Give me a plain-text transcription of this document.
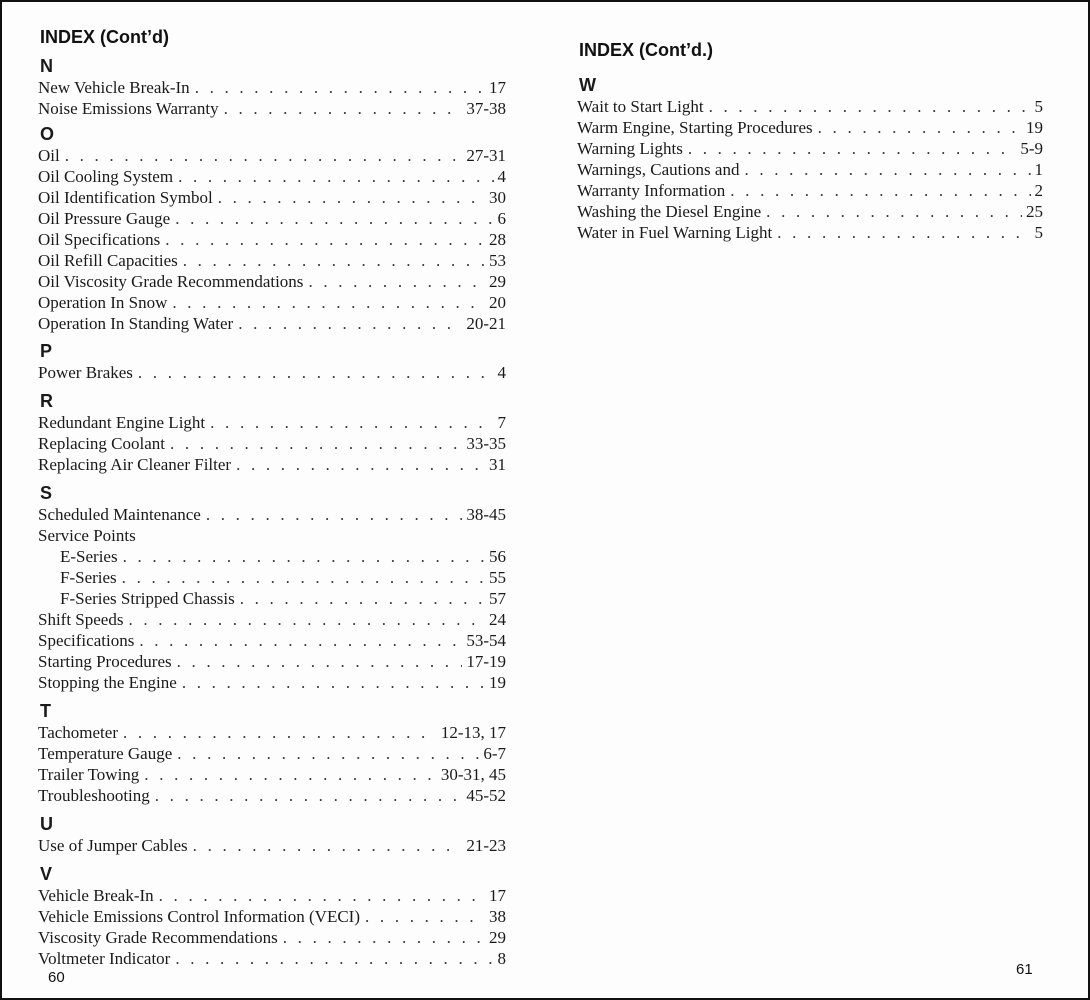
INDEX (Cont’d)
N
New Vehicle Break-In . . .	17
Noise Emissions Warranty . . .	37-38
O
Oil . . .	27-31
Oil Cooling System . . .	4
Oil Identification Symbol . . .	30
Oil Pressure Gauge . . .	6
Oil Specifications . . .	28
Oil Refill Capacities . . .	53
Oil Viscosity Grade Recommendations . . .	29
Operation In Snow . . .	20
Operation In Standing Water . . .	20-21
P
Power Brakes . . .	4
R
Redundant Engine Light . . .	7
Replacing Coolant . . .	33-35
Replacing Air Cleaner Filter . . .	31
S
Scheduled Maintenance . . .	38-45
Service Points
E-Series . . .	56
F-Series . . .	55
F-Series Stripped Chassis . . .	57
Shift Speeds . . .	24
Specifications . . .	53-54
Starting Procedures . . .	17-19
Stopping the Engine . . .	19
T
Tachometer . . .	12-13, 17
Temperature Gauge . . .	6-7
Trailer Towing . . .	30-31, 45
Troubleshooting . . .	45-52
U
Use of Jumper Cables . . .	21-23
V
Vehicle Break-In . . .	17
Vehicle Emissions Control Information (VECI) . . .	38
Viscosity Grade Recommendations . . .	29
Voltmeter Indicator . . .	8
60
INDEX (Cont’d.)
W
Wait to Start Light . . .	5
Warm Engine, Starting Procedures . . .	19
Warning Lights . . .	5-9
Warnings, Cautions and . . .	1
Warranty Information . . .	2
Washing the Diesel Engine . . .	25
Water in Fuel Warning Light . . .	5
61
